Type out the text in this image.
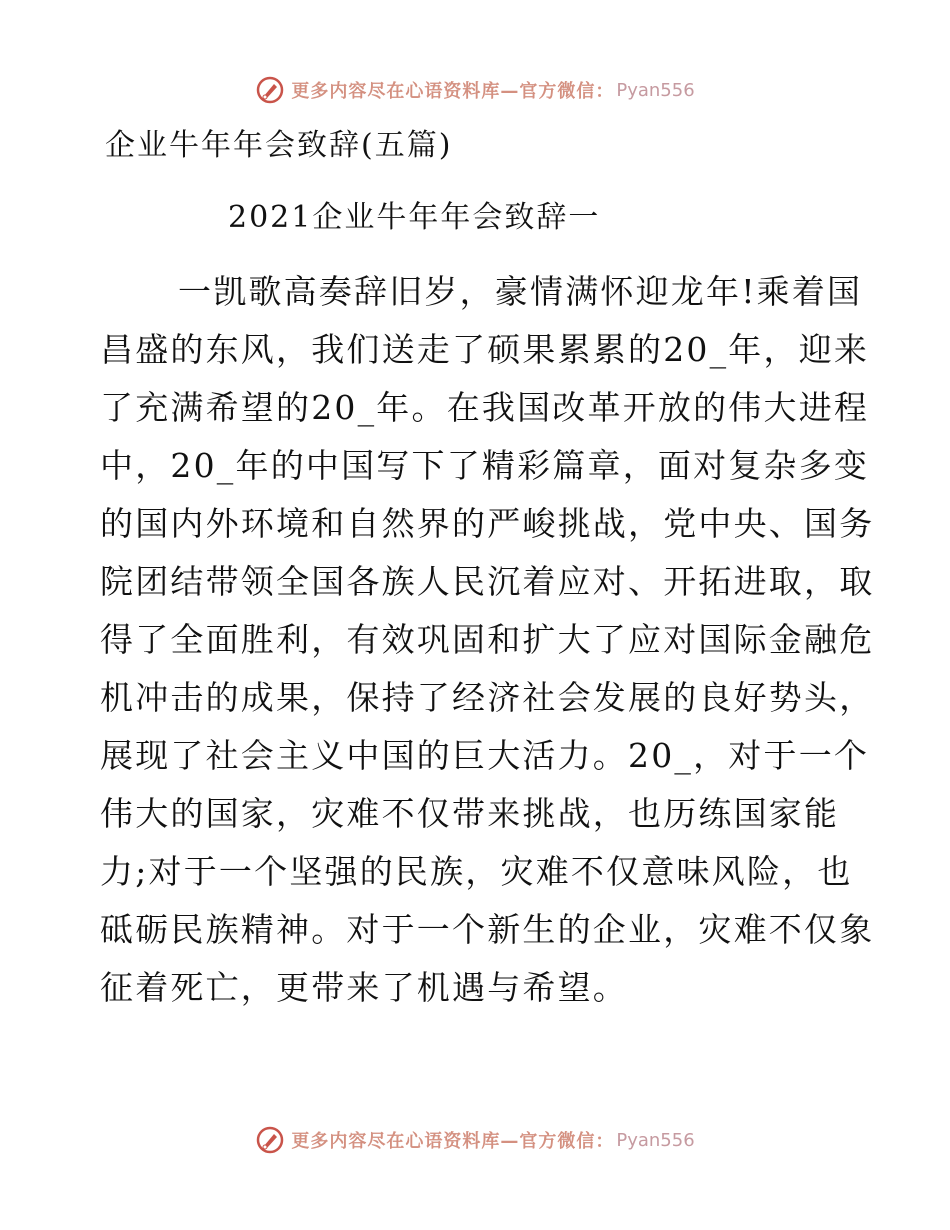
更多内容尽在心语资料库—官方微信： Pyan556
企业牛年年会致辞(五篇)
2021企业牛年年会致辞一
一凯歌高奏辞旧岁，豪情满怀迎龙年!乘着国
昌盛的东风，我们送走了硕果累累的20_年，迎来
了充满希望的20_年。在我国改革开放的伟大进程
中，20_年的中国写下了精彩篇章，面对复杂多变
的国内外环境和自然界的严峻挑战，党中央、国务
院团结带领全国各族人民沉着应对、开拓进取，取
得了全面胜利，有效巩固和扩大了应对国际金融危
机冲击的成果，保持了经济社会发展的良好势头，
展现了社会主义中国的巨大活力。20_，对于一个
伟大的国家，灾难不仅带来挑战，也历练国家能
力;对于一个坚强的民族，灾难不仅意味风险，也
砥砺民族精神。对于一个新生的企业，灾难不仅象
征着死亡，更带来了机遇与希望。
更多内容尽在心语资料库—官方微信： Pyan556
